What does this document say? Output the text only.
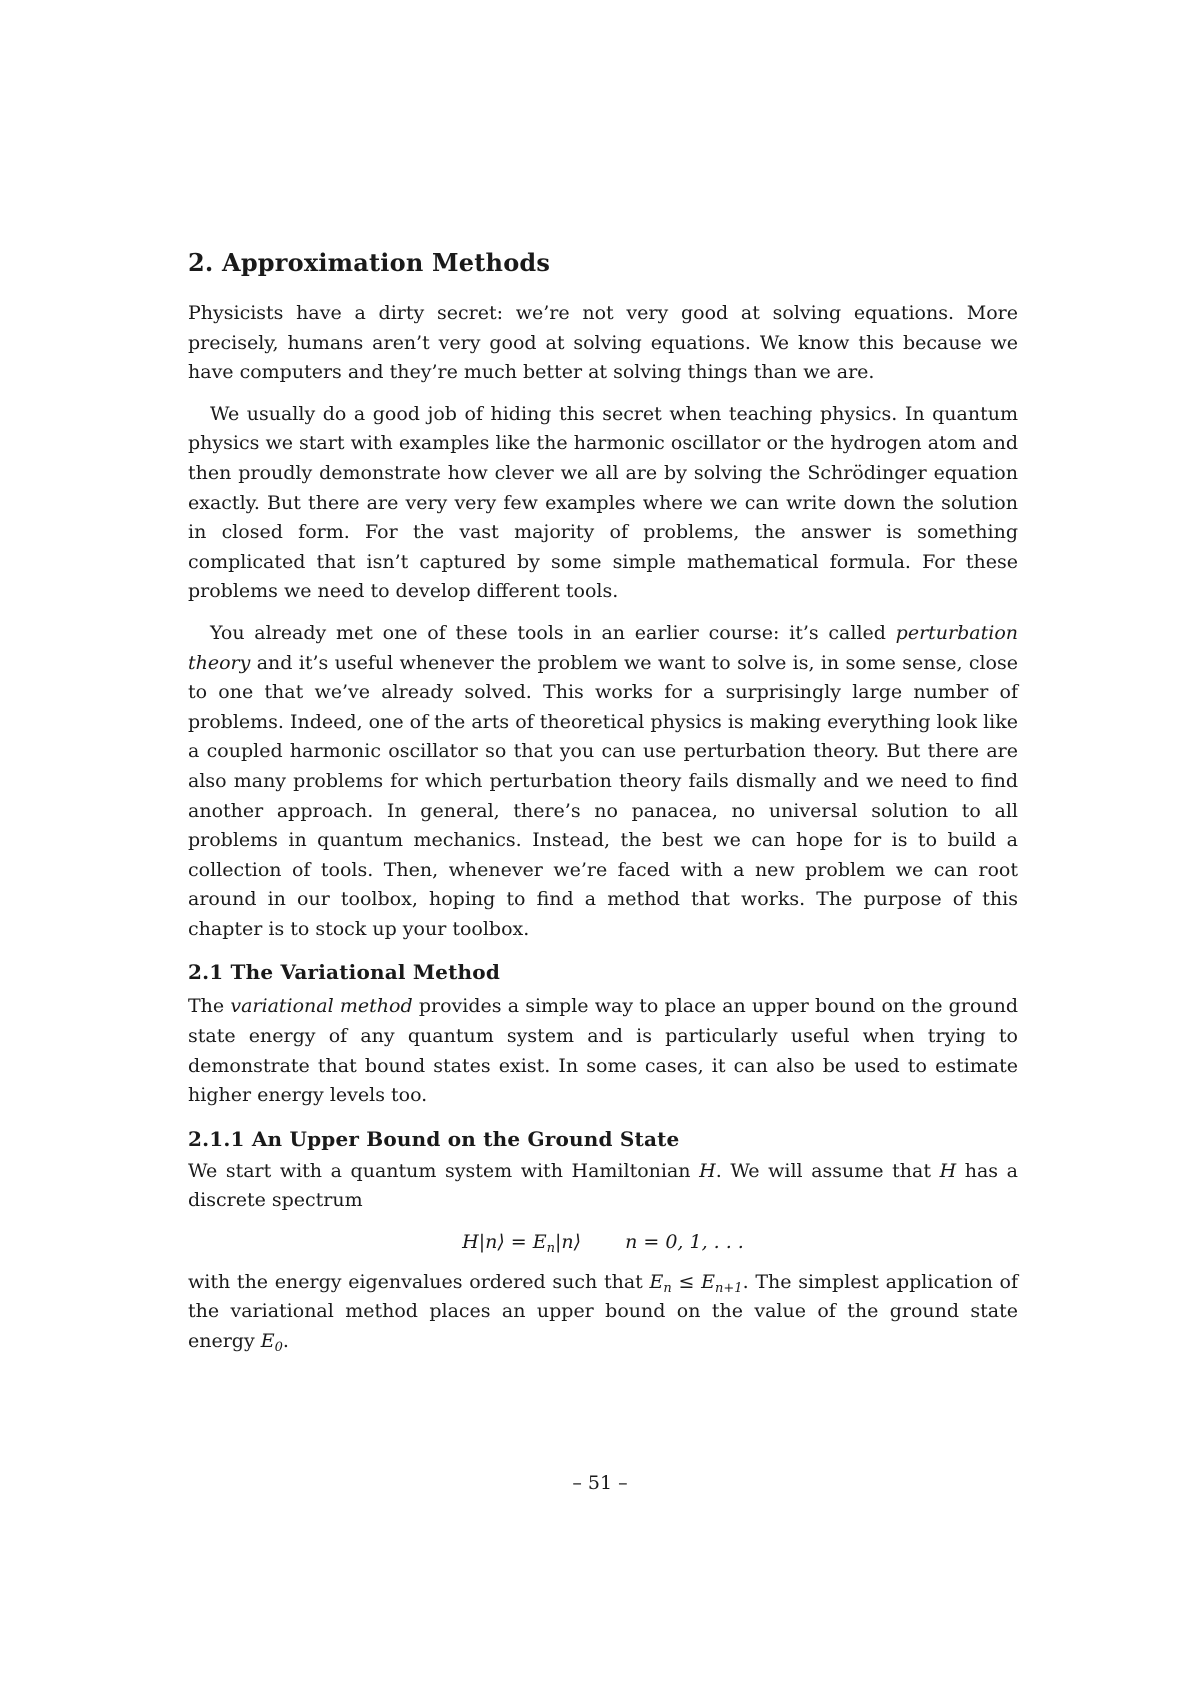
2. Approximation Methods

Physicists have a dirty secret: we’re not very good at solving equations. More precisely, humans aren’t very good at solving equations. We know this because we have computers and they’re much better at solving things than we are.

We usually do a good job of hiding this secret when teaching physics. In quantum physics we start with examples like the harmonic oscillator or the hydrogen atom and then proudly demonstrate how clever we all are by solving the Schrödinger equation exactly. But there are very very few examples where we can write down the solution in closed form. For the vast majority of problems, the answer is something complicated that isn’t captured by some simple mathematical formula. For these problems we need to develop different tools.

You already met one of these tools in an earlier course: it’s called perturbation theory and it’s useful whenever the problem we want to solve is, in some sense, close to one that we’ve already solved. This works for a surprisingly large number of problems. Indeed, one of the arts of theoretical physics is making everything look like a coupled harmonic oscillator so that you can use perturbation theory. But there are also many problems for which perturbation theory fails dismally and we need to find another approach. In general, there’s no panacea, no universal solution to all problems in quantum mechanics. Instead, the best we can hope for is to build a collection of tools. Then, whenever we’re faced with a new problem we can root around in our toolbox, hoping to find a method that works. The purpose of this chapter is to stock up your toolbox.

2.1 The Variational Method

The variational method provides a simple way to place an upper bound on the ground state energy of any quantum system and is particularly useful when trying to demonstrate that bound states exist. In some cases, it can also be used to estimate higher energy levels too.

2.1.1 An Upper Bound on the Ground State

We start with a quantum system with Hamiltonian H. We will assume that H has a discrete spectrum

H|n⟩ = $E_n|n⟩$ n = 0, 1, . . .

with the energy eigenvalues ordered such that $E_n \le E_{n+1}$. The simplest application of the variational method places an upper bound on the value of the ground state energy $E_0$.

– 51 –
